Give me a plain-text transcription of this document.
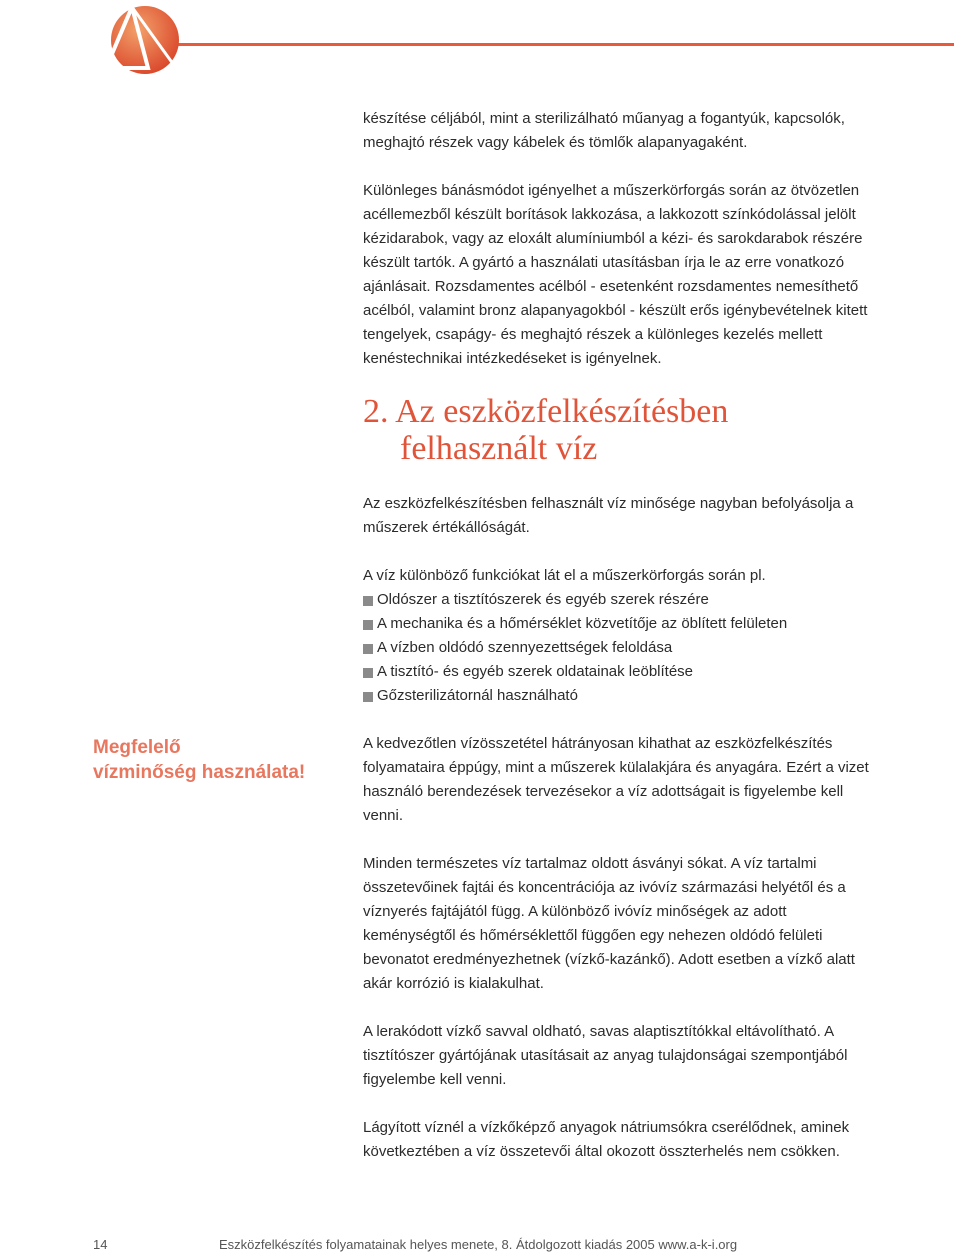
készítése céljából, mint a sterilizálható műanyag a fogantyúk, kapcsolók, meghajtó részek vagy kábelek és tömlők alapanyagaként.

Különleges bánásmódot igényelhet a műszerkörforgás során az ötvözetlen acéllemezből készült borítások lakkozása, a lakkozott színkódolással jelölt kézidarabok, vagy az eloxált alumíniumból a kézi- és sarokdarabok részére készült tartók. A gyártó a használati utasításban írja le az erre vonatkozó ajánlásait. Rozsdamentes acélból - esetenként rozsdamentes nemesíthető acélból, valamint bronz alapanyagokból - készült erős igénybevételnek kitett tengelyek, csapágy- és meghajtó részek a különleges kezelés mellett kenéstechnikai intézkedéseket is igényelnek.

2. Az eszközfelkészítésben
felhasznált víz

Az eszközfelkészítésben felhasznált víz minősége nagyban befolyásolja a műszerek értékállóságát.

A víz különböző funkciókat lát el a műszerkörforgás során pl.

Oldószer a tisztítószerek és egyéb szerek részére
A mechanika és a hőmérséklet közvetítője az öblített felületen
A vízben oldódó szennyezettségek feloldása
A tisztító- és egyéb szerek oldatainak leöblítése
Gőzsterilizátornál használható
Megfelelő
vízminőség használata!

A kedvezőtlen vízösszetétel hátrányosan kihathat az eszközfelkészítés folyamataira éppúgy, mint a műszerek külalakjára és anyagára. Ezért a vizet használó berendezések tervezésekor a víz adottságait is figyelembe kell venni.

Minden természetes víz tartalmaz oldott ásványi sókat. A víz tartalmi összetevőinek fajtái és koncentrációja az ivóvíz származási helyétől és a víznyerés fajtájától függ. A különböző ivóvíz minőségek az adott keménységtől és hőmérséklettől függően egy nehezen oldódó felületi bevonatot eredményezhetnek (vízkő-kazánkő). Adott esetben a vízkő alatt akár korrózió is kialakulhat.

A lerakódott vízkő savval oldható, savas alaptisztítókkal eltávolítható. A tisztítószer gyártójának utasításait az anyag tulajdonságai szempontjából figyelembe kell venni.

Lágyított víznél a vízkőképző anyagok nátriumsókra cserélődnek, aminek következtében a víz összetevői által okozott összterhelés nem csökken.

14	Eszközfelkészítés folyamatainak helyes menete, 8. Átdolgozott kiadás 2005 www.a-k-i.org
